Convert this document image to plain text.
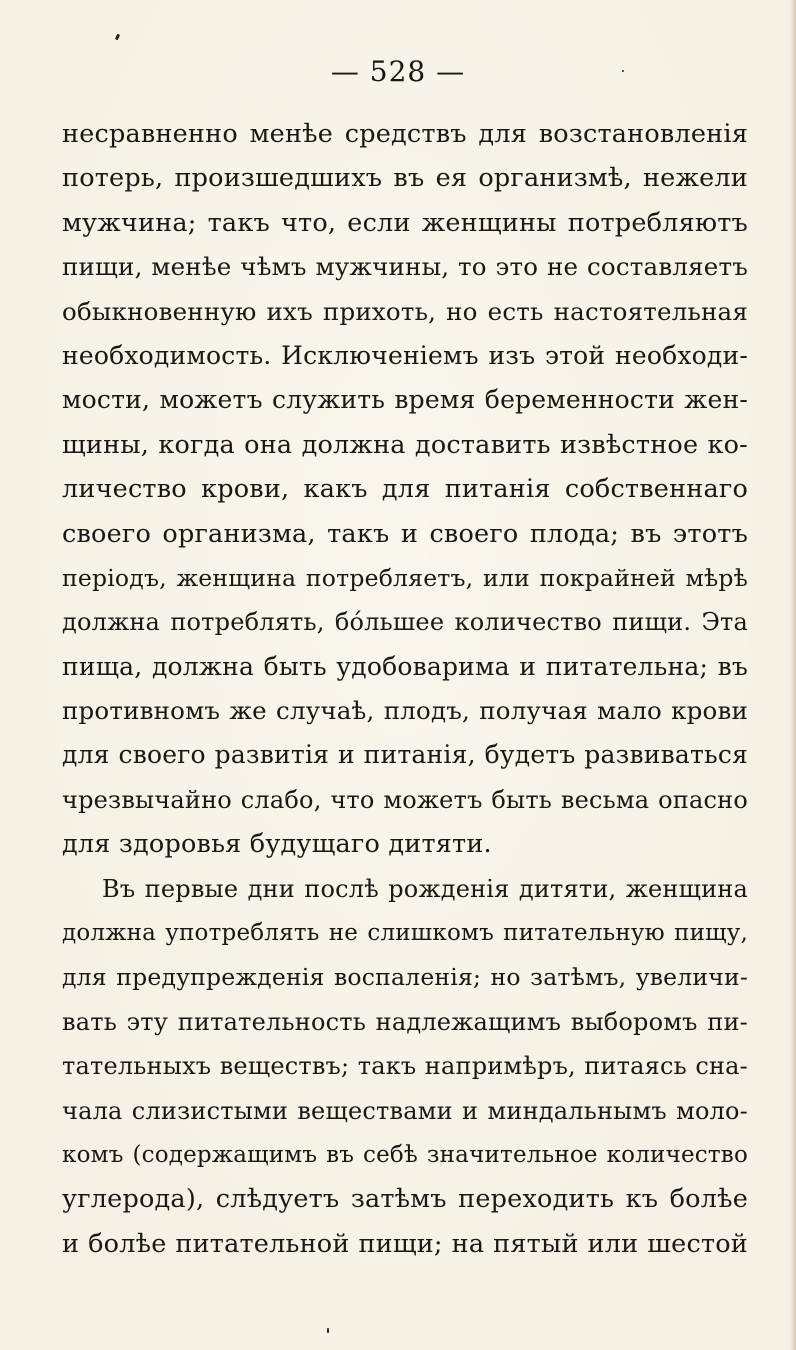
— 528 —
несравненно менѣе средствъ для возстановленія
потерь, произшедшихъ въ ея организмѣ, нежели
мужчина; такъ что, если женщины потребляютъ
пищи, менѣе чѣмъ мужчины, то это не составляетъ
обыкновенную ихъ прихоть, но есть настоятельная
необходимость. Исключеніемъ изъ этой необходи-
мости, можетъ служить время беременности жен-
щины, когда она должна доставить извѣстное ко-
личество крови, какъ для питанія собственнаго
своего организма, такъ и своего плода; въ этотъ
періодъ, женщина потребляетъ, или покрайней мѣрѣ
должна потреблять, бóльшее количество пищи. Эта
пища, должна быть удобоварима и питательна; въ
противномъ же случаѣ, плодъ, получая мало крови
для своего развитія и питанія, будетъ развиваться
чрезвычайно слабо, что можетъ быть весьма опасно
для здоровья будущаго дитяти.
Въ первые дни послѣ рожденія дитяти, женщина
должна употреблять не слишкомъ питательную пищу,
для предупрежденія воспаленія; но затѣмъ, увеличи-
вать эту питательность надлежащимъ выборомъ пи-
тательныхъ веществъ; такъ напримѣръ, питаясь сна-
чала слизистыми веществами и миндальнымъ моло-
комъ (содержащимъ въ себѣ значительное количество
углерода), слѣдуетъ затѣмъ переходить къ болѣе
и болѣе питательной пищи; на пятый или шестой
